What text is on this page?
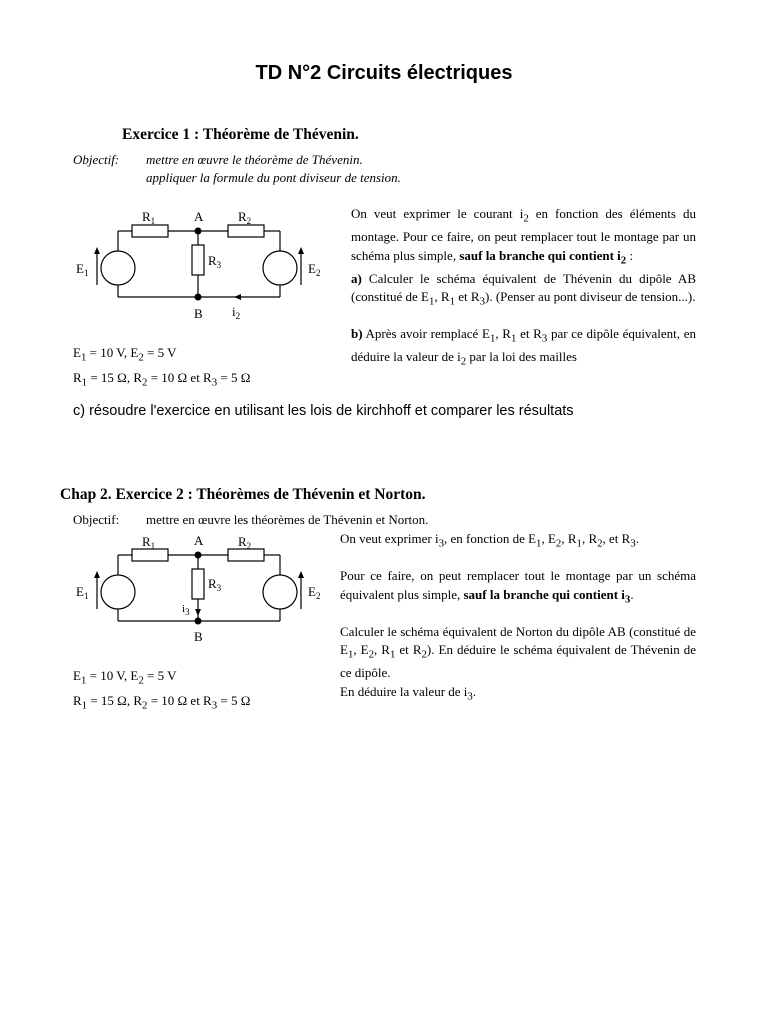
TD N°2 Circuits électriques
Exercice 1 : Théorème de Thévenin.
Objectif: mettre en œuvre le théorème de Thévenin.
appliquer la formule du pont diviseur de tension.
$R_1$	A	$R_2$
$R_3$
$E_1$	$E_2$
B $i_2$

On veut exprimer le courant $i_2$ en fonction des éléments du montage. Pour ce faire, on peut remplacer tout le montage par un schéma plus simple, sauf la branche qui contient $i_2$ :

a) Calculer le schéma équivalent de Thévenin du dipôle AB (constitué de $E_1$, $R_1$ et $R_3$). (Penser au pont diviseur de tension...).

b) Après avoir remplacé $E_1$, $R_1$ et $R_3$ par ce dipôle équivalent, en déduire la valeur de $i_2$ par la loi des mailles

$E_1 = 10$ V, $E_2 = 5$ V
$R_1 = 15$ Ω, $R_2 = 10$ Ω et $R_3 = 5$ Ω
c) résoudre l'exercice en utilisant les lois de kirchhoff et comparer les résultats
Chap 2. Exercice 2 : Théorèmes de Thévenin et Norton.
Objectif: mettre en œuvre les théorèmes de Thévenin et Norton.
$R_1$	A	$R_2$
$R_3$
$E_1$	$E_2$
$i_3$
B

On veut exprimer $i_3$, en fonction de $E_1$, $E_2$, $R_1$, $R_2$, et $R_3$.

Pour ce faire, on peut remplacer tout le montage par un schéma équivalent plus simple, sauf la branche qui contient $i_3$.

Calculer le schéma équivalent de Norton du dipôle AB (constitué de $E_1$, $E_2$, $R_1$ et $R_2$). En déduire le schéma équivalent de Thévenin de ce dipôle.

En déduire la valeur de $i_3$.

$E_1 = 10$ V, $E_2 = 5$ V
$R_1 = 15$ Ω, $R_2 = 10$ Ω et $R_3 = 5$ Ω
